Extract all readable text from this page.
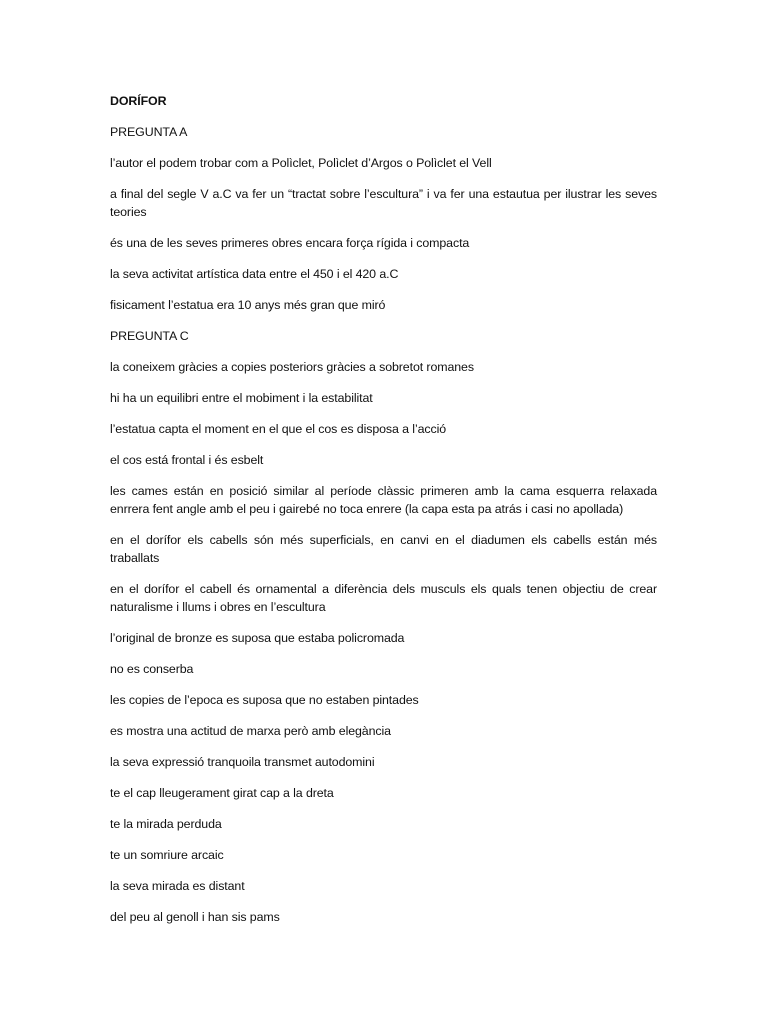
DORÍFOR

PREGUNTA A

l’autor el podem trobar com a Polìclet, Polìclet d’Argos o Polìclet el Vell

a final del segle V a.C va fer un “tractat sobre l’escultura” i va fer una estautua per ilustrar les seves teories

és una de les seves primeres obres encara força rígida i compacta

la seva activitat artística data entre el 450 i el 420 a.C

fisicament l’estatua era 10 anys més gran que miró

PREGUNTA C

la coneixem gràcies a copies posteriors gràcies a sobretot romanes

hi ha un equilibri entre el mobiment i la estabilitat

l’estatua capta el moment en el que el cos es disposa a l’acció

el cos está frontal i és esbelt

les cames están en posició similar al període clàssic primeren amb la cama esquerra relaxada enrrera fent angle amb el peu i gairebé no toca enrere (la capa esta pa atrás i casi no apollada)

en el dorífor els cabells són més superficials, en canvi en el diadumen els cabells están més traballats

en el dorífor el cabell és ornamental a diferència dels musculs els quals tenen objectiu de crear naturalisme i llums i obres en l’escultura

l’original de bronze es suposa que estaba policromada

no es conserba

les copies de l’epoca es suposa que no estaben pintades

es mostra una actitud de marxa però amb elegància

la seva expressió tranquoila transmet autodomini

te el cap lleugerament girat cap a la dreta

te la mirada perduda

te un somriure arcaic

la seva mirada es distant

del peu al genoll i han sis pams
